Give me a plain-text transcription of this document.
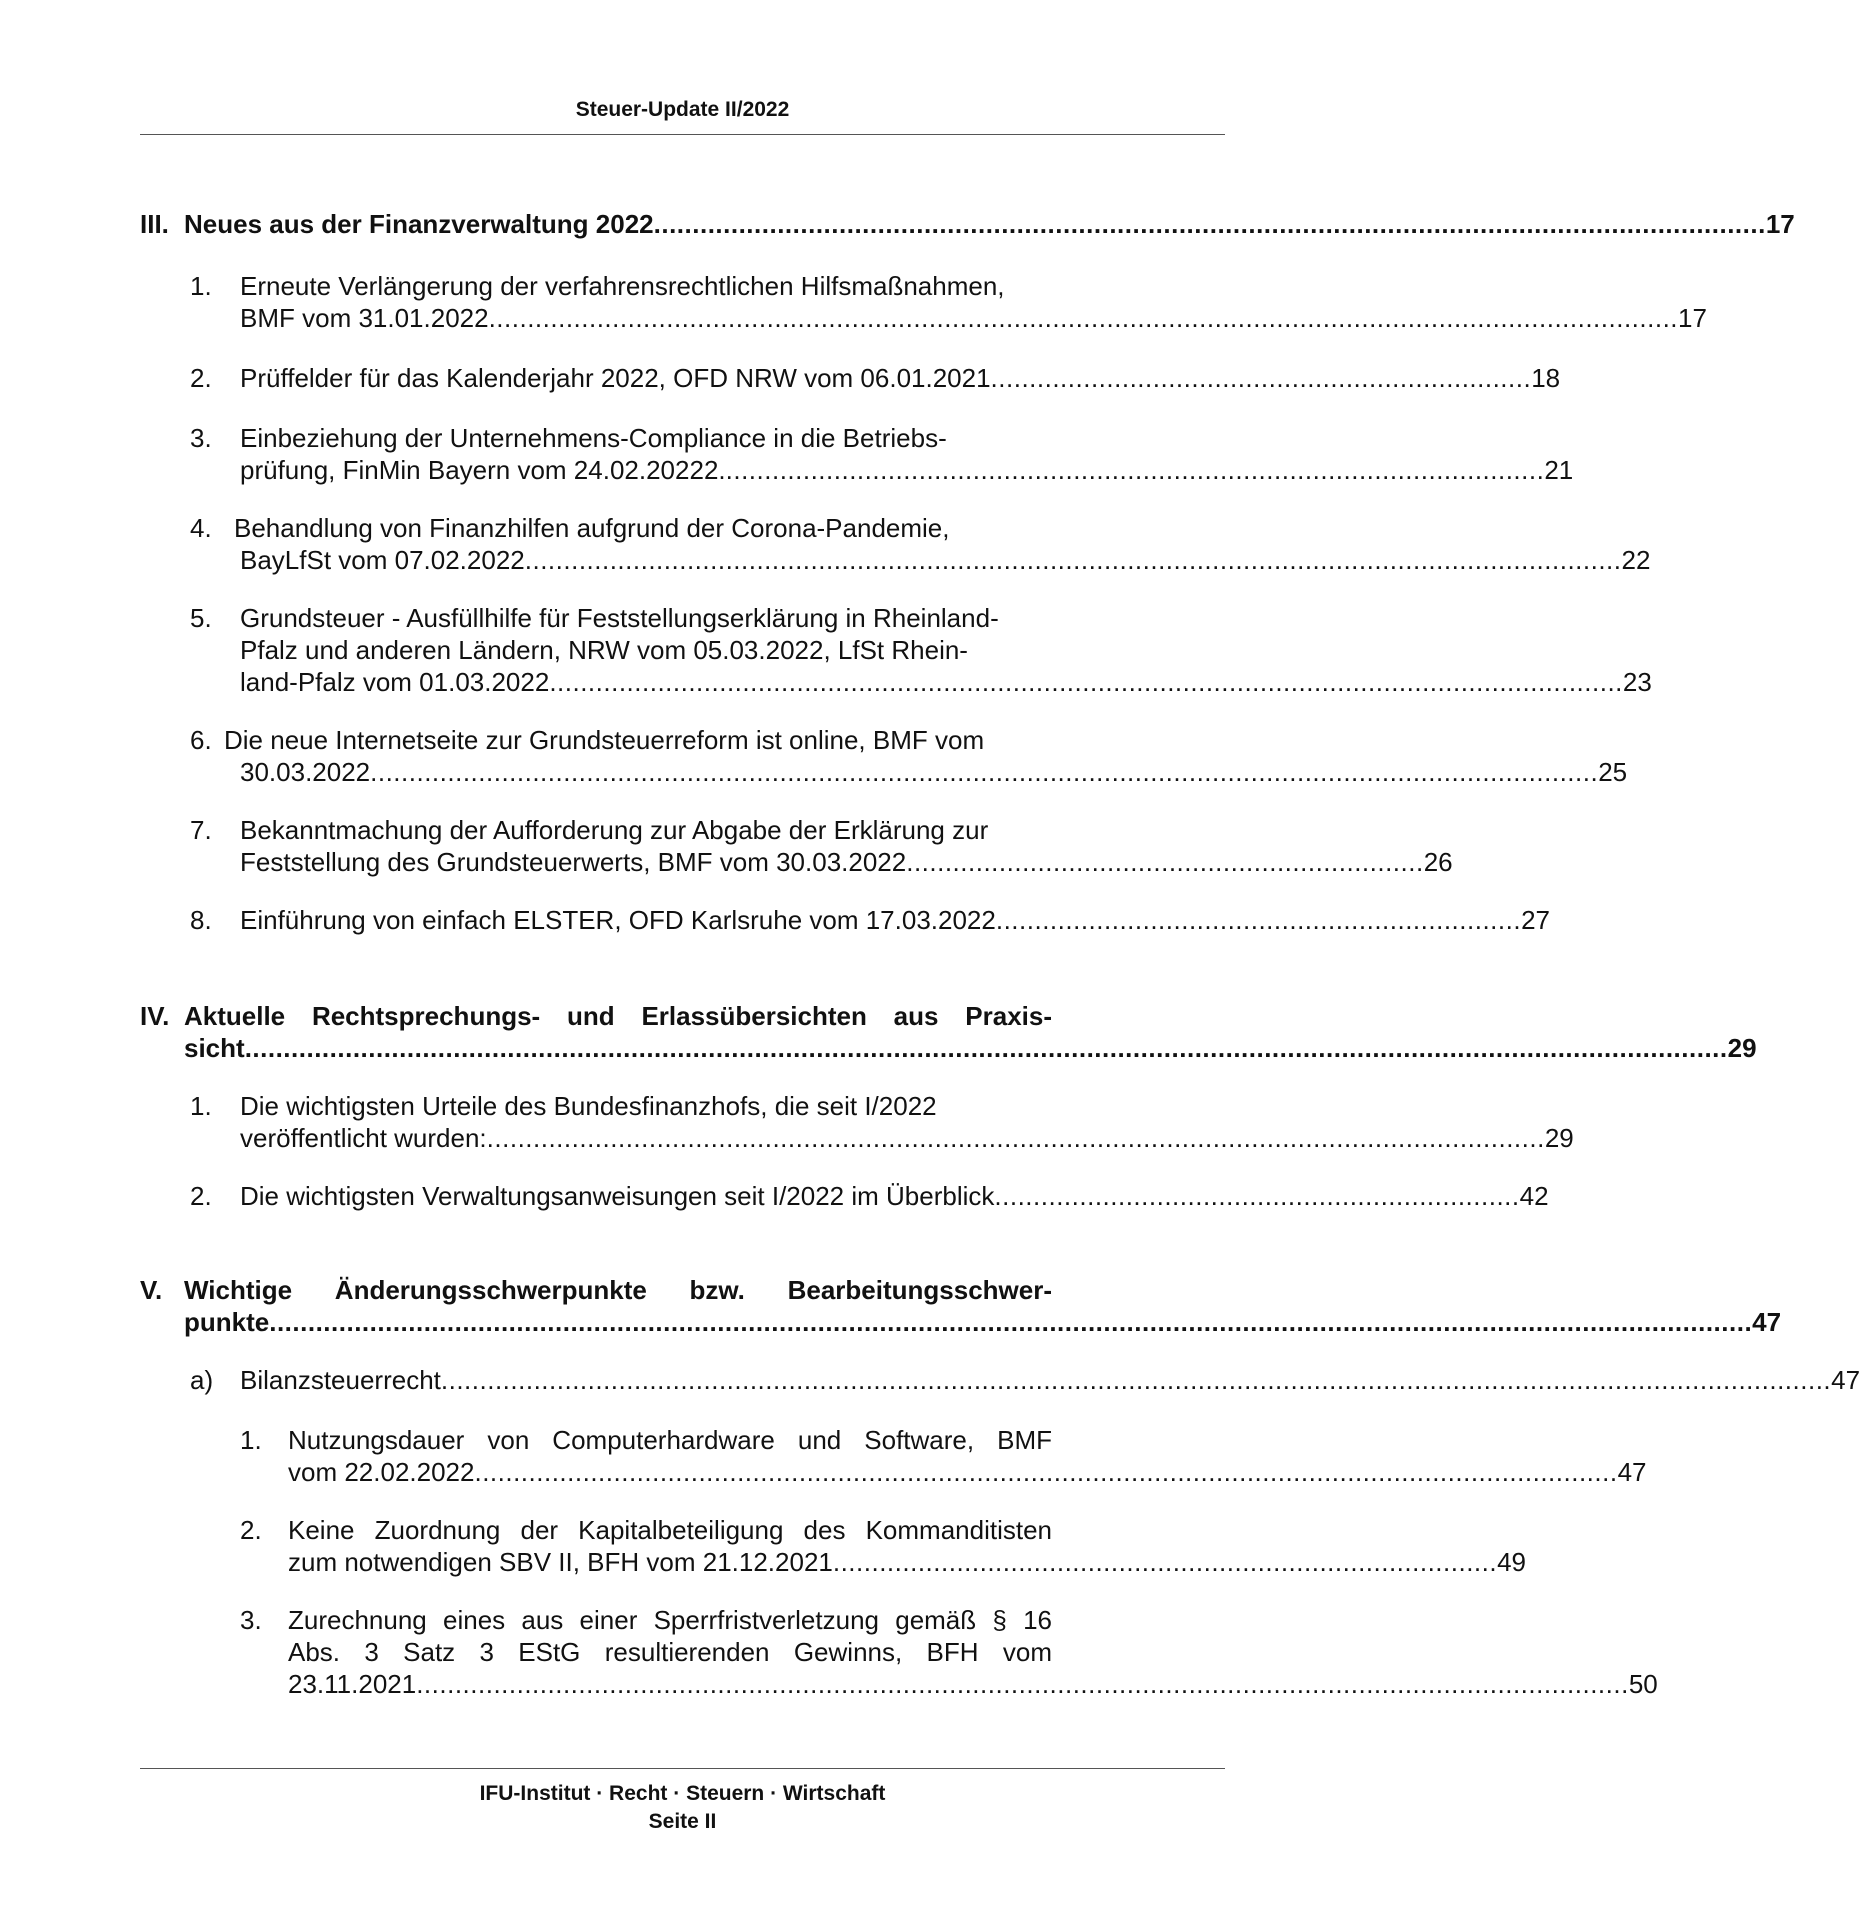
Steuer-Update II/2022
III. Neues aus der Finanzverwaltung 2022 ................................................................................................................................................ 17
1. Erneute Verlängerung der verfahrensrechtlichen Hilfsmaßnahmen,
BMF vom 31.01.2022 .......................................................................................................................................................... 17
2. Prüffelder für das Kalenderjahr 2022, OFD NRW vom 06.01.2021 ...................................................................... 18
3. Einbeziehung der Unternehmens-Compliance in die Betriebs-
prüfung, FinMin Bayern vom 24.02.20222. .......................................................................................................... 21
4. Behandlung von Finanzhilfen aufgrund der Corona-Pandemie,
BayLfSt vom 07.02.2022 .............................................................................................................................................. 22
5. Grundsteuer - Ausfüllhilfe für Feststellungserklärung in Rheinland-
Pfalz und anderen Ländern, NRW vom 05.03.2022, LfSt Rhein-
land-Pfalz vom 01.03.2022 ........................................................................................................................................... 23
6. Die neue Internetseite zur Grundsteuerreform ist online, BMF vom
30.03.2022 ............................................................................................................................................................... 25
7. Bekanntmachung der Aufforderung zur Abgabe der Erklärung zur
Feststellung des Grundsteuerwerts, BMF vom 30.03.2022 ................................................................... 26
8. Einführung von einfach ELSTER, OFD Karlsruhe vom 17.03.2022 .................................................................... 27
IV. Aktuelle Rechtsprechungs- und Erlassübersichten aus Praxis-
sicht ................................................................................................................................................................................................ 29
1. Die wichtigsten Urteile des Bundesfinanzhofs, die seit I/2022
veröffentlicht wurden: ......................................................................................................................................... 29
2. Die wichtigsten Verwaltungsanweisungen seit I/2022 im Überblick .................................................................... 42
V. Wichtige Änderungsschwerpunkte bzw. Bearbeitungsschwer-
punkte ................................................................................................................................................................................................ 47
a) Bilanzsteuerrecht .................................................................................................................................................................................... 47
1. Nutzungsdauer von Computerhardware und Software, BMF
vom 22.02.2022 .................................................................................................................................................... 47
2. Keine Zuordnung der Kapitalbeteiligung des Kommanditisten
zum notwendigen SBV II, BFH vom 21.12.2021 ...................................................................................... 49
3. Zurechnung eines aus einer Sperrfristverletzung gemäß § 16
Abs. 3 Satz 3 EStG resultierenden Gewinns, BFH vom
23.11.2021 ............................................................................................................................................................. 50
IFU-Institut · Recht · Steuern · Wirtschaft
Seite II
